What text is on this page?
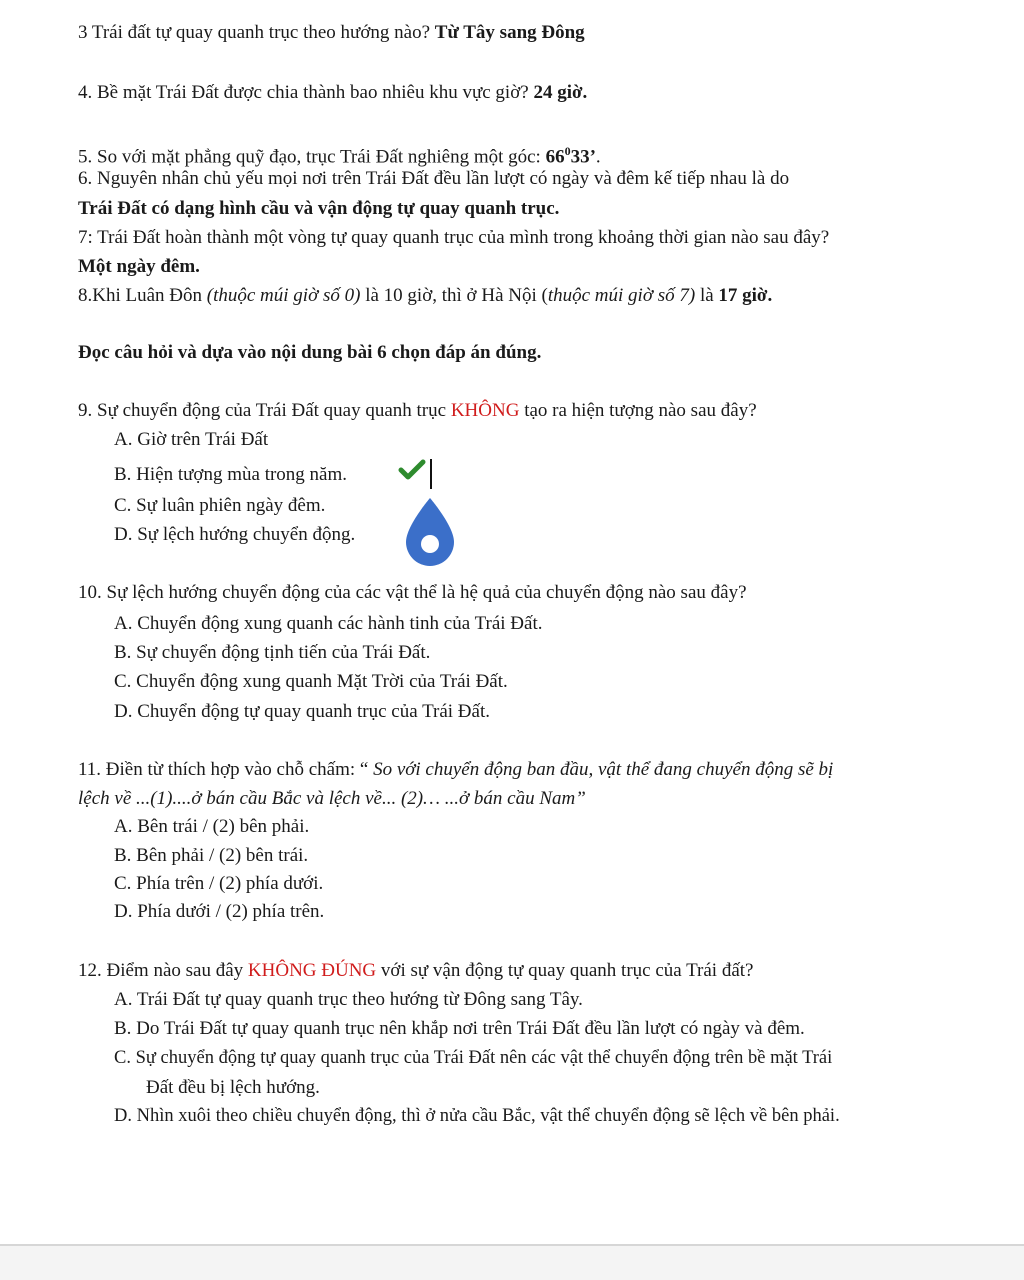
3 Trái đất tự quay quanh trục theo hướng nào? Từ Tây sang Đông
4. Bề mặt Trái Đất được chia thành bao nhiêu khu vực giờ? 24 giờ.
5. So với mặt phẳng quỹ đạo, trục Trái Đất nghiêng một góc: $66^033$’.
6. Nguyên nhân chủ yếu mọi nơi trên Trái Đất đều lần lượt có ngày và đêm kế tiếp nhau là do
Trái Đất có dạng hình cầu và vận động tự quay quanh trục.
7: Trái Đất hoàn thành một vòng tự quay quanh trục của mình trong khoảng thời gian nào sau đây?
Một ngày đêm.
8.Khi Luân Đôn (thuộc múi giờ số 0) là 10 giờ, thì ở Hà Nội (thuộc múi giờ số 7) là 17 giờ.
Đọc câu hỏi và dựa vào nội dung bài 6 chọn đáp án đúng.
9. Sự chuyển động của Trái Đất quay quanh trục KHÔNG tạo ra hiện tượng nào sau đây?
A. Giờ trên Trái Đất
B. Hiện tượng mùa trong năm.
C. Sự luân phiên ngày đêm.
D. Sự lệch hướng chuyển động.
10. Sự lệch hướng chuyển động của các vật thể là hệ quả của chuyển động nào sau đây?
A. Chuyển động xung quanh các hành tinh của Trái Đất.
B. Sự chuyển động tịnh tiến của Trái Đất.
C. Chuyển động xung quanh Mặt Trời của Trái Đất.
D. Chuyển động tự quay quanh trục của Trái Đất.
11. Điền từ thích hợp vào chỗ chấm: “ So với chuyển động ban đầu, vật thể đang chuyển động sẽ bị
lệch về ...(1)....ở bán cầu Bắc và lệch về... (2)… ...ở bán cầu Nam”
A. Bên trái / (2) bên phải.
B. Bên phải / (2) bên trái.
C. Phía trên / (2) phía dưới.
D. Phía dưới / (2) phía trên.
12. Điểm nào sau đây KHÔNG ĐÚNG với sự vận động tự quay quanh trục của Trái đất?
A. Trái Đất tự quay quanh trục theo hướng từ Đông sang Tây.
B. Do Trái Đất tự quay quanh trục nên khắp nơi trên Trái Đất đều lần lượt có ngày và đêm.
C. Sự chuyển động tự quay quanh trục của Trái Đất nên các vật thể chuyển động trên bề mặt Trái
Đất đều bị lệch hướng.
D. Nhìn xuôi theo chiều chuyển động, thì ở nửa cầu Bắc, vật thể chuyển động sẽ lệch về bên phải.
